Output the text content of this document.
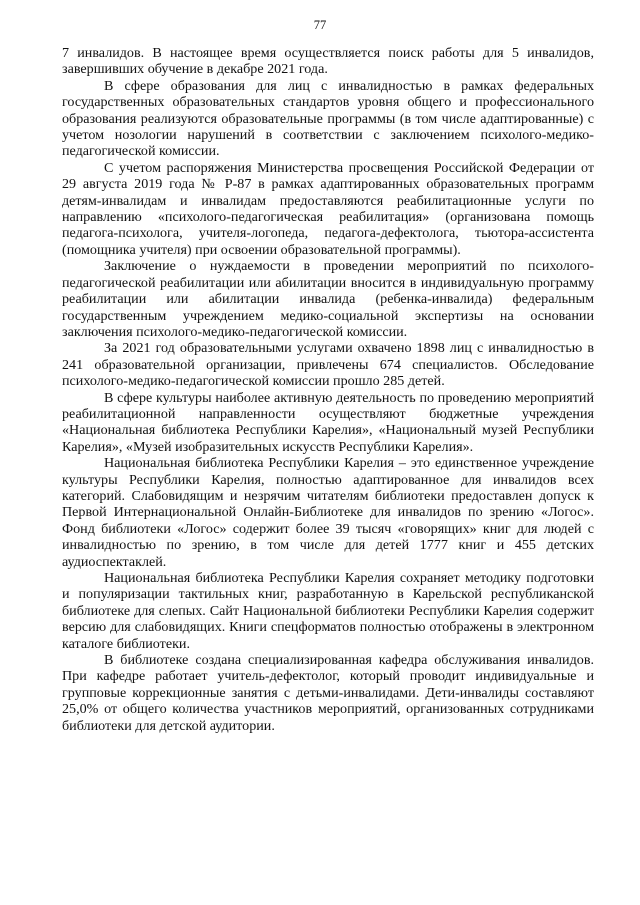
77

7 инвалидов. В настоящее время осуществляется поиск работы для 5 инвалидов, завершивших обучение в декабре 2021 года.

В сфере образования для лиц с инвалидностью в рамках федеральных государственных образовательных стандартов уровня общего и профессионального образования реализуются образовательные программы (в том числе адаптированные) с учетом нозологии нарушений в соответствии с заключением психолого-медико-педагогической комиссии.

С учетом распоряжения Министерства просвещения Российской Федерации от 29 августа 2019 года № Р-87 в рамках адаптированных образовательных программ детям-инвалидам и инвалидам предоставляются реабилитационные услуги по направлению «психолого-педагогическая реабилитация» (организована помощь педагога-психолога, учителя-логопеда, педагога-дефектолога, тьютора-ассистента (помощника учителя) при освоении образовательной программы).

Заключение о нуждаемости в проведении мероприятий по психолого-педагогической реабилитации или абилитации вносится в индивидуальную программу реабилитации или абилитации инвалида (ребенка-инвалида) федеральным государственным учреждением медико-социальной экспертизы на основании заключения психолого-медико-педагогической комиссии.

За 2021 год образовательными услугами охвачено 1898 лиц с инвалидностью в 241 образовательной организации, привлечены 674 специалистов. Обследование психолого-медико-педагогической комиссии прошло 285 детей.

В сфере культуры наиболее активную деятельность по проведению мероприятий реабилитационной направленности осуществляют бюджетные учреждения «Национальная библиотека Республики Карелия», «Национальный музей Республики Карелия», «Музей изобразительных искусств Республики Карелия».

Национальная библиотека Республики Карелия – это единственное учреждение культуры Республики Карелия, полностью адаптированное для инвалидов всех категорий. Слабовидящим и незрячим читателям библиотеки предоставлен допуск к Первой Интернациональной Онлайн-Библиотеке для инвалидов по зрению «Логос». Фонд библиотеки «Логос» содержит более 39 тысяч «говорящих» книг для людей с инвалидностью по зрению, в том числе для детей 1777 книг и 455 детских аудиоспектаклей.

Национальная библиотека Республики Карелия сохраняет методику подготовки и популяризации тактильных книг, разработанную в Карельской республиканской библиотеке для слепых. Сайт Национальной библиотеки Республики Карелия содержит версию для слабовидящих. Книги спецформатов полностью отображены в электронном каталоге библиотеки.

В библиотеке создана специализированная кафедра обслуживания инвалидов. При кафедре работает учитель-дефектолог, который проводит индивидуальные и групповые коррекционные занятия с детьми-инвалидами. Дети-инвалиды составляют 25,0% от общего количества участников мероприятий, организованных сотрудниками библиотеки для детской аудитории.
